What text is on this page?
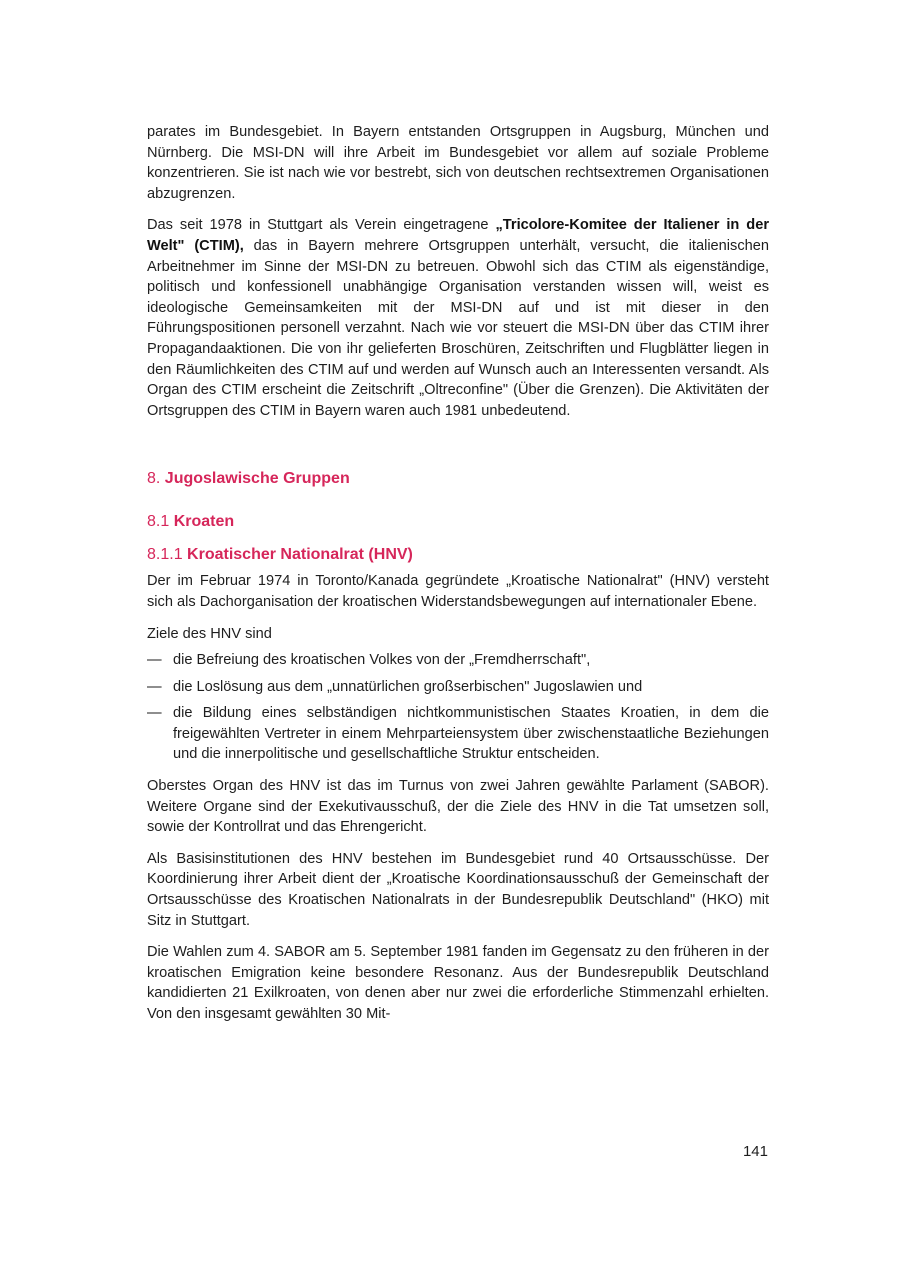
parates im Bundesgebiet. In Bayern entstanden Ortsgruppen in Augsburg, München und Nürnberg. Die MSI-DN will ihre Arbeit im Bundesgebiet vor allem auf soziale Probleme konzentrieren. Sie ist nach wie vor bestrebt, sich von deutschen rechtsextremen Organisationen abzugrenzen.

Das seit 1978 in Stuttgart als Verein eingetragene „Tricolore-Komitee der Italiener in der Welt" (CTIM), das in Bayern mehrere Ortsgruppen unterhält, versucht, die italienischen Arbeitnehmer im Sinne der MSI-DN zu betreuen. Obwohl sich das CTIM als eigenständige, politisch und konfessionell unabhängige Organisation verstanden wissen will, weist es ideologische Gemeinsamkeiten mit der MSI-DN auf und ist mit dieser in den Führungspositionen personell verzahnt. Nach wie vor steuert die MSI-DN über das CTIM ihrer Propagandaaktionen. Die von ihr gelieferten Broschüren, Zeitschriften und Flugblätter liegen in den Räumlichkeiten des CTIM auf und werden auf Wunsch auch an Interessenten versandt. Als Organ des CTIM erscheint die Zeitschrift „Oltreconfine" (Über die Grenzen). Die Aktivitäten der Ortsgruppen des CTIM in Bayern waren auch 1981 unbedeutend.

8. Jugoslawische Gruppen
8.1 Kroaten
8.1.1 Kroatischer Nationalrat (HNV)

Der im Februar 1974 in Toronto/Kanada gegründete „Kroatische Nationalrat" (HNV) versteht sich als Dachorganisation der kroatischen Widerstandsbewegungen auf internationaler Ebene.

Ziele des HNV sind

— die Befreiung des kroatischen Volkes von der „Fremdherrschaft",
— die Loslösung aus dem „unnatürlichen großserbischen" Jugoslawien und
— die Bildung eines selbständigen nichtkommunistischen Staates Kroatien, in dem die freigewählten Vertreter in einem Mehrparteiensystem über zwischenstaatliche Beziehungen und die innerpolitische und gesellschaftliche Struktur entscheiden.

Oberstes Organ des HNV ist das im Turnus von zwei Jahren gewählte Parlament (SABOR). Weitere Organe sind der Exekutivausschuß, der die Ziele des HNV in die Tat umsetzen soll, sowie der Kontrollrat und das Ehrengericht.

Als Basisinstitutionen des HNV bestehen im Bundesgebiet rund 40 Ortsausschüsse. Der Koordinierung ihrer Arbeit dient der „Kroatische Koordinationsausschuß der Gemeinschaft der Ortsausschüsse des Kroatischen Nationalrats in der Bundesrepublik Deutschland" (HKO) mit Sitz in Stuttgart.

Die Wahlen zum 4. SABOR am 5. September 1981 fanden im Gegensatz zu den früheren in der kroatischen Emigration keine besondere Resonanz. Aus der Bundesrepublik Deutschland kandidierten 21 Exilkroaten, von denen aber nur zwei die erforderliche Stimmenzahl erhielten. Von den insgesamt gewählten 30 Mit-

141
